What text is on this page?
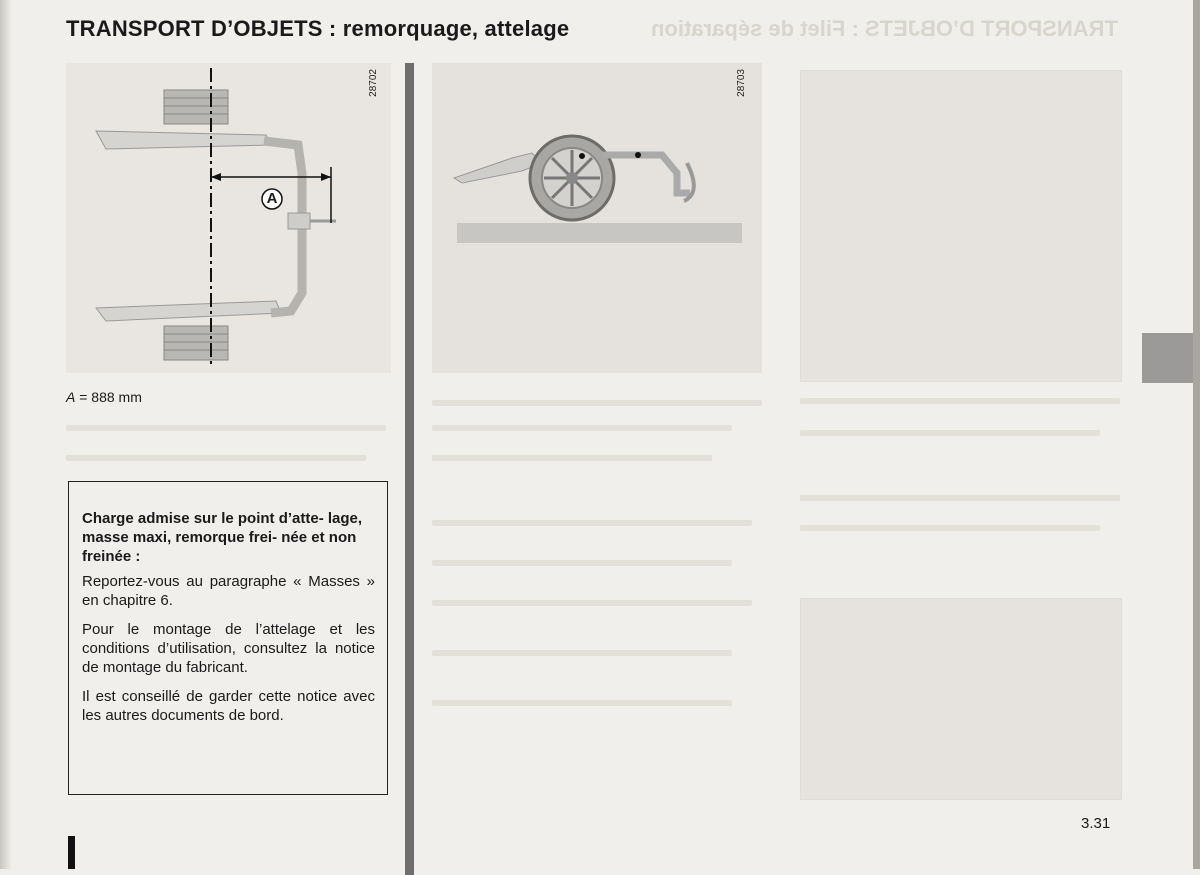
TRANSPORT D’OBJETS : remorquage, attelage	TRANSPORT D’OBJETS : Filet de séparation
A
28702	28703
A = 888 mm

Charge admise sur le point d’atte- lage, masse maxi, remorque frei- née et non freinée :

Reportez-vous au paragraphe « Masses » en chapitre 6.

Pour le montage de l’attelage et les conditions d’utilisation, consultez la notice de montage du fabricant.

Il est conseillé de garder cette notice avec les autres documents de bord.

3.31
